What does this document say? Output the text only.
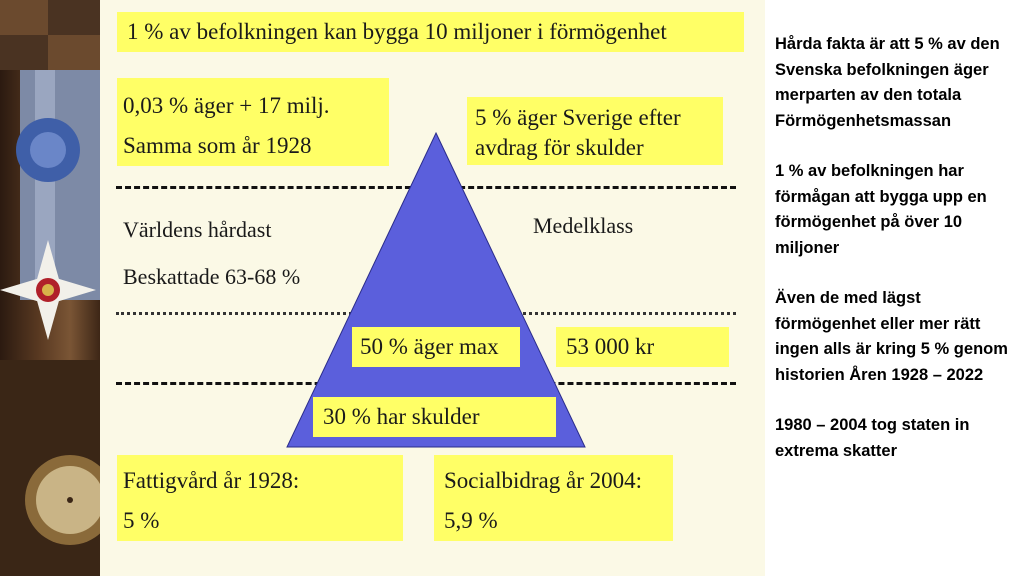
1 % av befolkningen kan bygga 10 miljoner i förmögenhet
0,03 % äger + 17 milj.
Samma som år 1928
5 % äger Sverige efter
avdrag för skulder
Världens hårdast
Beskattade 63-68 %
Medelklass
50 % äger max	53 000 kr
30 % har skulder
Fattigvård år 1928:
5 %
Socialbidrag år 2004:
5,9 %

Hårda fakta är att 5 % av den Svenska befolkningen äger merparten av den totala Förmögenhetsmassan

1 % av befolkningen har förmågan att bygga upp en förmögenhet på över 10 miljoner

Även de med lägst förmögenhet eller mer rätt ingen alls är kring 5 % genom historien Åren 1928 – 2022

1980 – 2004 tog staten in extrema skatter
